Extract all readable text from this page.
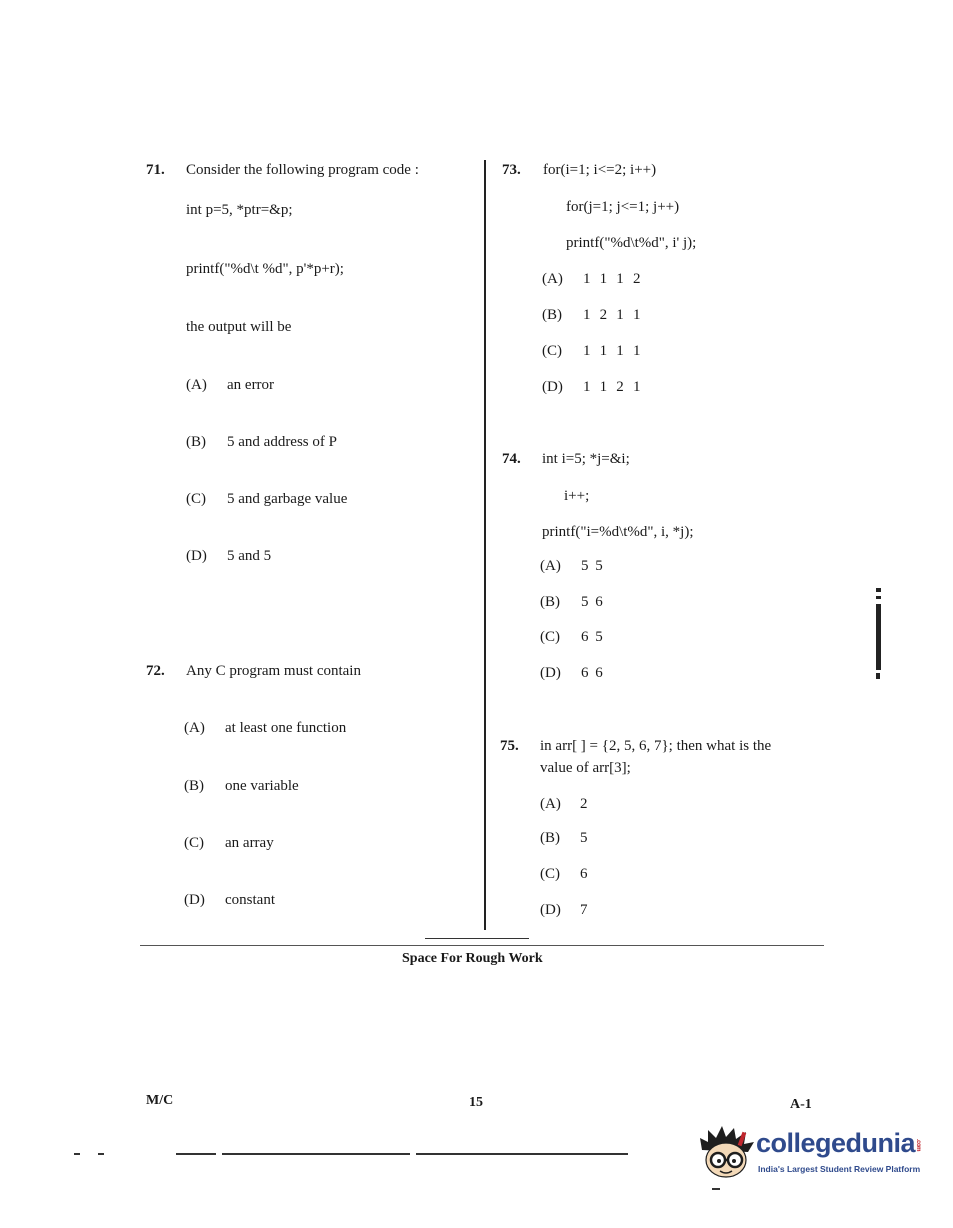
71. Consider the following program code :
int p=5, *ptr=&p;
printf("%d\t %d", p'*p+r);
the output will be
(A) an error
(B) 5 and address of P
(C) 5 and garbage value
(D) 5 and 5
72. Any C program must contain
(A) at least one function
(B) one variable
(C) an array
(D) constant
73. for(i=1; i<=2; i++)
for(j=1; j<=1; j++)
printf("%d\t%d", i' j);
(A) 1 1 1 2
(B) 1 2 1 1
(C) 1 1 1 1
(D) 1 1 2 1
74. int i=5; *j=&i;
i++;
printf("i=%d\t%d", i, *j);
(A) 5 5
(B) 5 6
(C) 6 5
(D) 6 6
75. in arr[ ] = {2, 5, 6, 7}; then what is the
value of arr[3];
(A) 2
(B) 5
(C) 6
(D) 7
Space For Rough Work
M/C	15	A-1
collegedunia.com
India's Largest Student Review Platform
